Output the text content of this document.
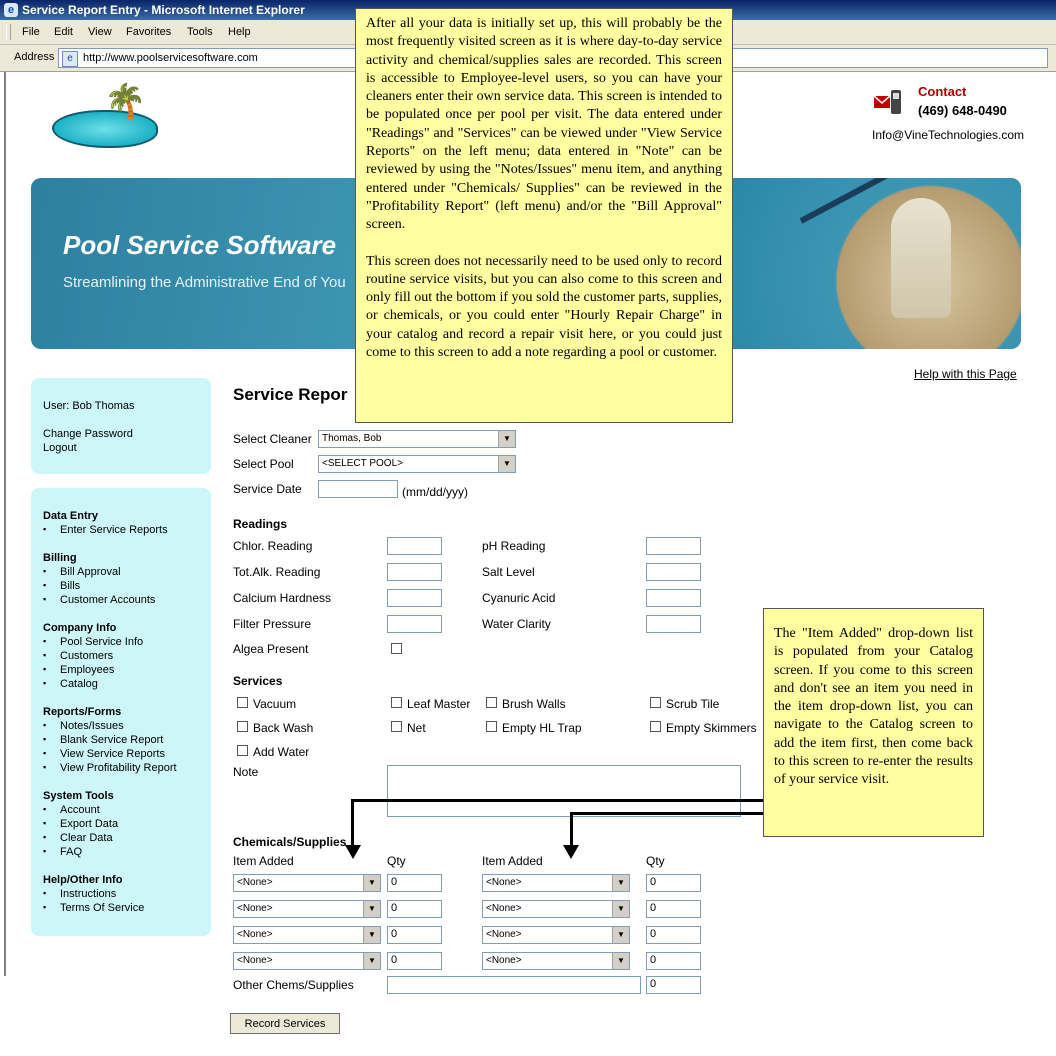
e Service Report Entry - Microsoft Internet Explorer
File Edit View Favorites Tools Help
Address	e http://www.poolservicesoftware.com
🌴	Contact
(469) 648-0490
Info@VineTechnologies.com
Pool Service Software
Streamlining the Administrative End of You
Help with this Page
User: Bob Thomas
Change Password
Logout
Data Entry
▪ Enter Service Reports
Billing
▪ Bill Approval
▪ Bills
▪ Customer Accounts
Company Info
▪ Pool Service Info
▪ Customers
▪ Employees
▪ Catalog
Reports/Forms
▪ Notes/Issues
▪ Blank Service Report
▪ View Service Reports
▪ View Profitability Report
System Tools
▪ Account
▪ Export Data
▪ Clear Data
▪ FAQ
Help/Other Info
▪ Instructions
▪ Terms Of Service
Service Repor
Select Cleaner Thomas, Bob	▼
Select Pool	<SELECT POOL>	▼
Service Date	(mm/dd/yyy)
Readings
Chlor. Reading	pH Reading
Tot.Alk. Reading	Salt Level
Calcium Hardness	Cyanuric Acid
Filter Pressure	Water Clarity
Algea Present
Services
Vacuum	Leaf Master	Brush Walls	Scrub Tile
Back Wash	Net	Empty HL Trap	Empty Skimmers
Add Water
Note
Chemicals/Supplies
Item Added	Qty	Item Added	Qty
<None>	▼	0	<None>	▼	0
<None>	▼	0	<None>	▼	0
<None>	▼	0	<None>	▼	0
<None>	▼	0	<None>	▼	0
Other Chems/Supplies	0
Record Services

After all your data is initially set up, this will probably be the most frequently visited screen as it is where day-to-day service activity and chemical/supplies sales are recorded. This screen is accessible to Employee-level users, so you can have your cleaners enter their own service data. This screen is intended to be populated once per pool per visit. The data entered under "Readings" and "Services" can be viewed under "View Service Reports" on the left menu; data entered in "Note" can be reviewed by using the "Notes/Issues" menu item, and anything entered under "Chemicals/ Supplies" can be reviewed in the "Profitability Report" (left menu) and/or the "Bill Approval" screen.

This screen does not necessarily need to be used only to record routine service visits, but you can also come to this screen and only fill out the bottom if you sold the customer parts, supplies, or chemicals, or you could enter "Hourly Repair Charge" in your catalog and record a repair visit here, or you could just come to this screen to add a note regarding a pool or customer.

The "Item Added" drop-down list is populated from your Catalog screen. If you come to this screen and don't see an item you need in the item drop-down list, you can navigate to the Catalog screen to add the item first, then come back to this screen to re-enter the results of your service visit.
